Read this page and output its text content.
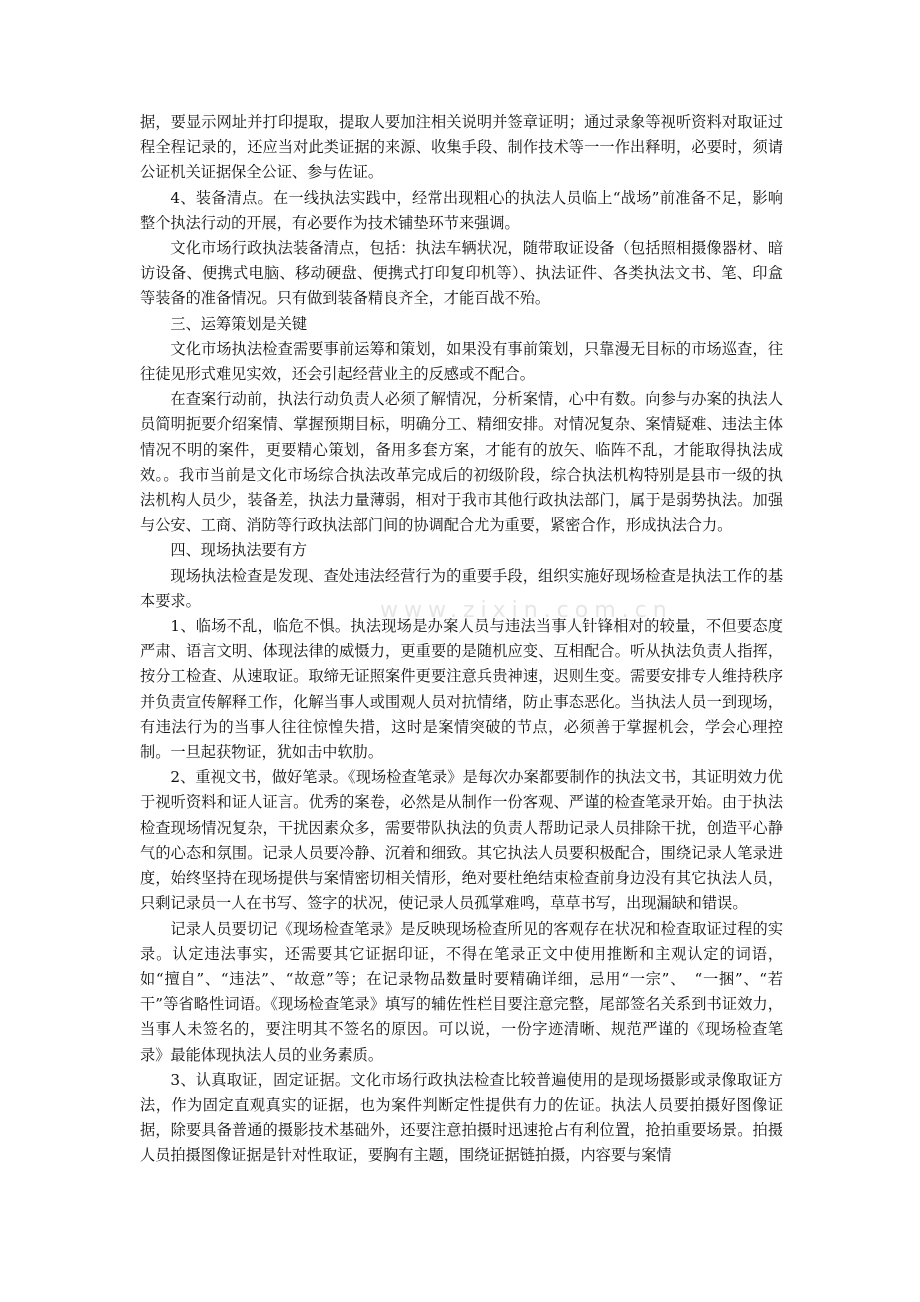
据，要显示网址并打印提取，提取人要加注相关说明并签章证明；通过录象等视听资料对取证过程全程记录的，还应当对此类证据的来源、收集手段、制作技术等一一作出释明，必要时，须请公证机关证据保全公证、参与佐证。

4、装备清点。在一线执法实践中，经常出现粗心的执法人员临上“战场”前准备不足，影响整个执法行动的开展，有必要作为技术铺垫环节来强调。

文化市场行政执法装备清点，包括：执法车辆状况，随带取证设备（包括照相摄像器材、暗访设备、便携式电脑、移动硬盘、便携式打印复印机等）、执法证件、各类执法文书、笔、印盒等装备的准备情况。只有做到装备精良齐全，才能百战不殆。

三、运筹策划是关键

文化市场执法检查需要事前运筹和策划，如果没有事前策划，只靠漫无目标的市场巡查，往往徒见形式难见实效，还会引起经营业主的反感或不配合。

在查案行动前，执法行动负责人必须了解情况，分析案情，心中有数。向参与办案的执法人员简明扼要介绍案情、掌握预期目标，明确分工、精细安排。对情况复杂、案情疑难、违法主体情况不明的案件，更要精心策划，备用多套方案，才能有的放矢、临阵不乱，才能取得执法成效。。我市当前是文化市场综合执法改革完成后的初级阶段，综合执法机构特别是县市一级的执法机构人员少，装备差，执法力量薄弱，相对于我市其他行政执法部门，属于是弱势执法。加强与公安、工商、消防等行政执法部门间的协调配合尤为重要，紧密合作，形成执法合力。

四、现场执法要有方

现场执法检查是发现、查处违法经营行为的重要手段，组织实施好现场检查是执法工作的基本要求。

1、临场不乱，临危不惧。执法现场是办案人员与违法当事人针锋相对的较量，不但要态度严肃、语言文明、体现法律的威慑力，更重要的是随机应变、互相配合。听从执法负责人指挥，按分工检查、从速取证。取缔无证照案件更要注意兵贵神速，迟则生变。需要安排专人维持秩序并负责宣传解释工作，化解当事人或围观人员对抗情绪，防止事态恶化。当执法人员一到现场，有违法行为的当事人往往惊惶失措，这时是案情突破的节点，必须善于掌握机会，学会心理控制。一旦起获物证，犹如击中软肋。

2、重视文书，做好笔录。《现场检查笔录》是每次办案都要制作的执法文书，其证明效力优于视听资料和证人证言。优秀的案卷，必然是从制作一份客观、严谨的检查笔录开始。由于执法检查现场情况复杂，干扰因素众多，需要带队执法的负责人帮助记录人员排除干扰，创造平心静气的心态和氛围。记录人员要冷静、沉着和细致。其它执法人员要积极配合，围绕记录人笔录进度，始终坚持在现场提供与案情密切相关情形，绝对要杜绝结束检查前身边没有其它执法人员，只剩记录员一人在书写、签字的状况，使记录人员孤掌难鸣，草草书写，出现漏缺和错误。

记录人员要切记《现场检查笔录》是反映现场检查所见的客观存在状况和检查取证过程的实录。认定违法事实，还需要其它证据印证，不得在笔录正文中使用推断和主观认定的词语，如“擅自”、“违法”、“故意”等；在记录物品数量时要精确详细，忌用“一宗”、　“一捆”、“若干”等省略性词语。《现场检查笔录》填写的辅佐性栏目要注意完整，尾部签名关系到书证效力，当事人未签名的，要注明其不签名的原因。可以说，一份字迹清晰、规范严谨的《现场检查笔录》最能体现执法人员的业务素质。

3、认真取证，固定证据。文化市场行政执法检查比较普遍使用的是现场摄影或录像取证方法，作为固定直观真实的证据，也为案件判断定性提供有力的佐证。执法人员要拍摄好图像证据，除要具备普通的摄影技术基础外，还要注意拍摄时迅速抢占有利位置，抢拍重要场景。拍摄人员拍摄图像证据是针对性取证，要胸有主题，围绕证据链拍摄，内容要与案情

www.zixin.com.cn
